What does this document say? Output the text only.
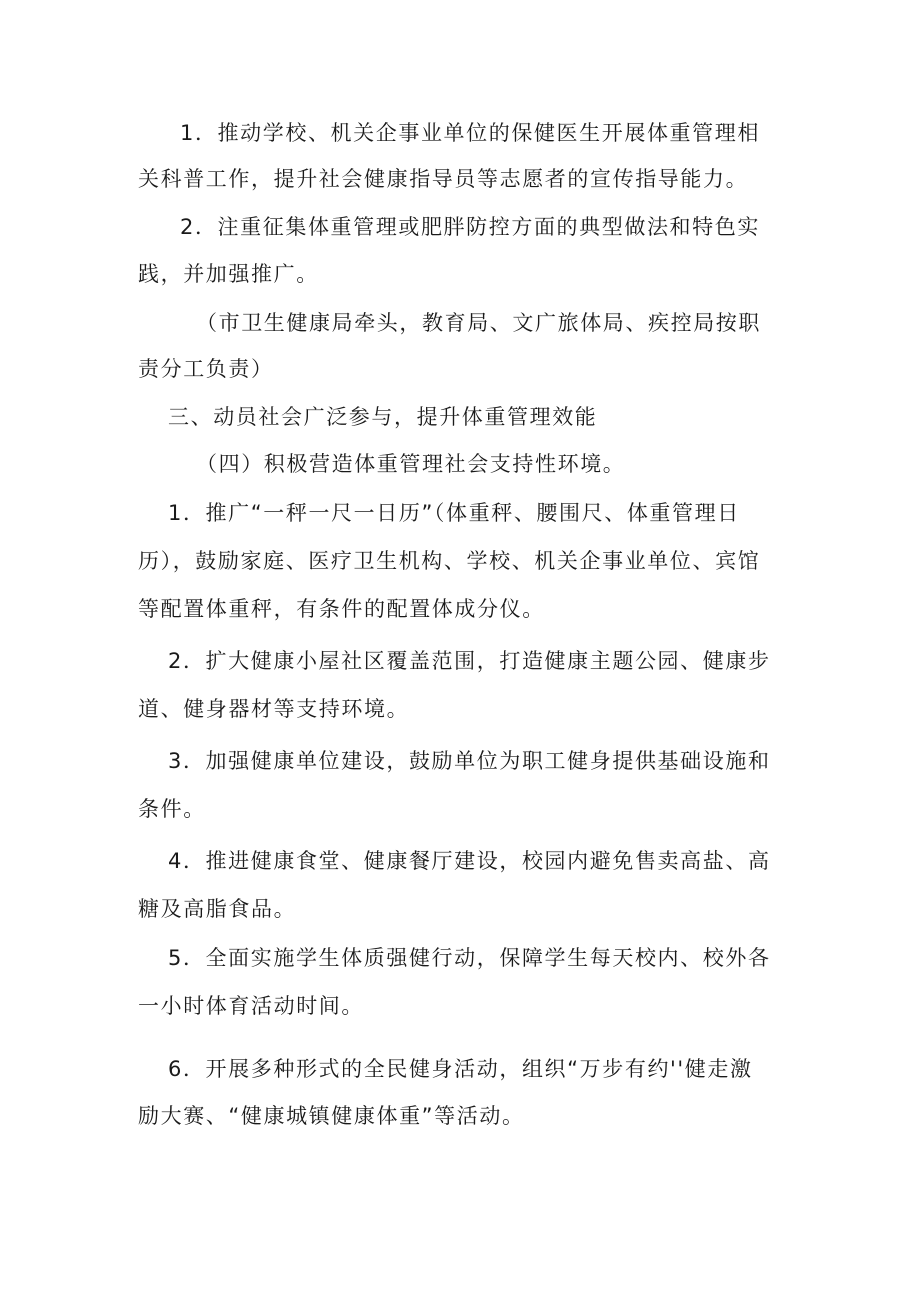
1．推动学校、机关企事业单位的保健医生开展体重管理相
关科普工作，提升社会健康指导员等志愿者的宣传指导能力。
2．注重征集体重管理或肥胖防控方面的典型做法和特色实
践，并加强推广。
（市卫生健康局牵头，教育局、文广旅体局、疾控局按职
责分工负责）
三、动员社会广泛参与，提升体重管理效能
（四）积极营造体重管理社会支持性环境。
1．推广“一秤一尺一日历”（体重秤、腰围尺、体重管理日
历），鼓励家庭、医疗卫生机构、学校、机关企事业单位、宾馆
等配置体重秤，有条件的配置体成分仪。
2．扩大健康小屋社区覆盖范围，打造健康主题公园、健康步
道、健身器材等支持环境。
3．加强健康单位建设，鼓励单位为职工健身提供基础设施和
条件。
4．推进健康食堂、健康餐厅建设，校园内避免售卖高盐、高
糖及高脂食品。
5．全面实施学生体质强健行动，保障学生每天校内、校外各
一小时体育活动时间。
6．开展多种形式的全民健身活动，组织“万步有约''健走激
励大赛、“健康城镇健康体重”等活动。
